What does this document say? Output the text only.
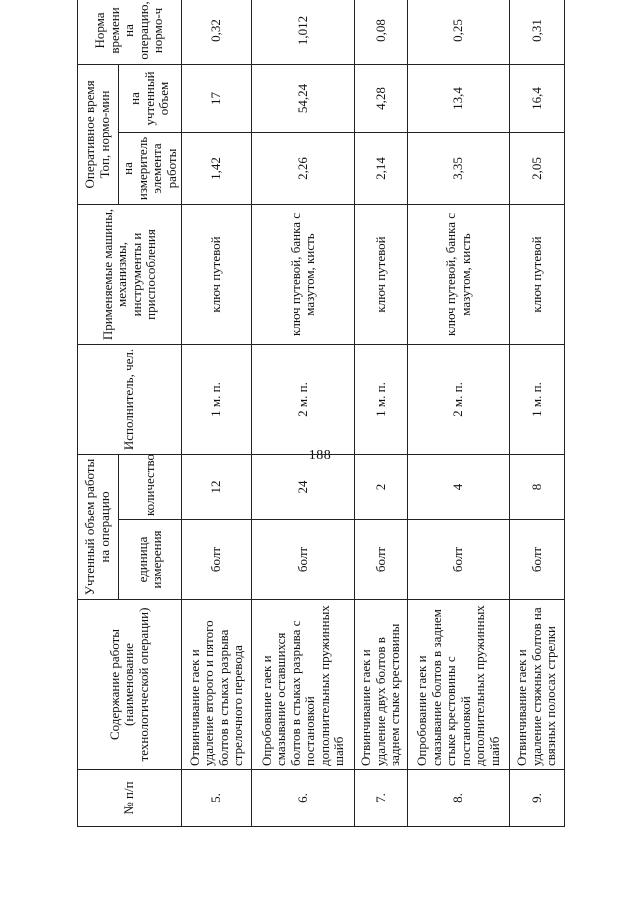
188
№ п/п	Содержание работы (наименование технологической операции)	Учтенный объем работы на операцию		Исполнитель, чел.	Применяемые машины, механизмы, инструменты и приспособления	Оперативное время Топ, нормо-мин		Норма времени на операцию, нормо-ч
		единица измерения	количество			на измеритель элемента работы	на учтенный объем	
5.	Отвинчивание гаек и удаление второго и пятого болтов в стыках разрыва стрелочного перевода	болт	12	1 м. п.	ключ путевой	1,42	17	0,32
6.	Опробование гаек и смазывание оставшихся болтов в стыках разрыва с постановкой дополнительных пружинных шайб	болт	24	2 м. п.	ключ путевой, банка с мазутом, кисть	2,26	54,24	1,012
7.	Отвинчивание гаек и удаление двух болтов в заднем стыке крестовины	болт	2	1 м. п.	ключ путевой	2,14	4,28	0,08
8.	Опробование гаек и смазывание болтов в заднем стыке крестовины с постановкой дополнительных пружинных шайб	болт	4	2 м. п.	ключ путевой, банка с мазутом, кисть	3,35	13,4	0,25
9.	Отвинчивание гаек и удаление стяжных болтов на связных полосах стрелки	болт	8	1 м. п.	ключ путевой	2,05	16,4	0,31
